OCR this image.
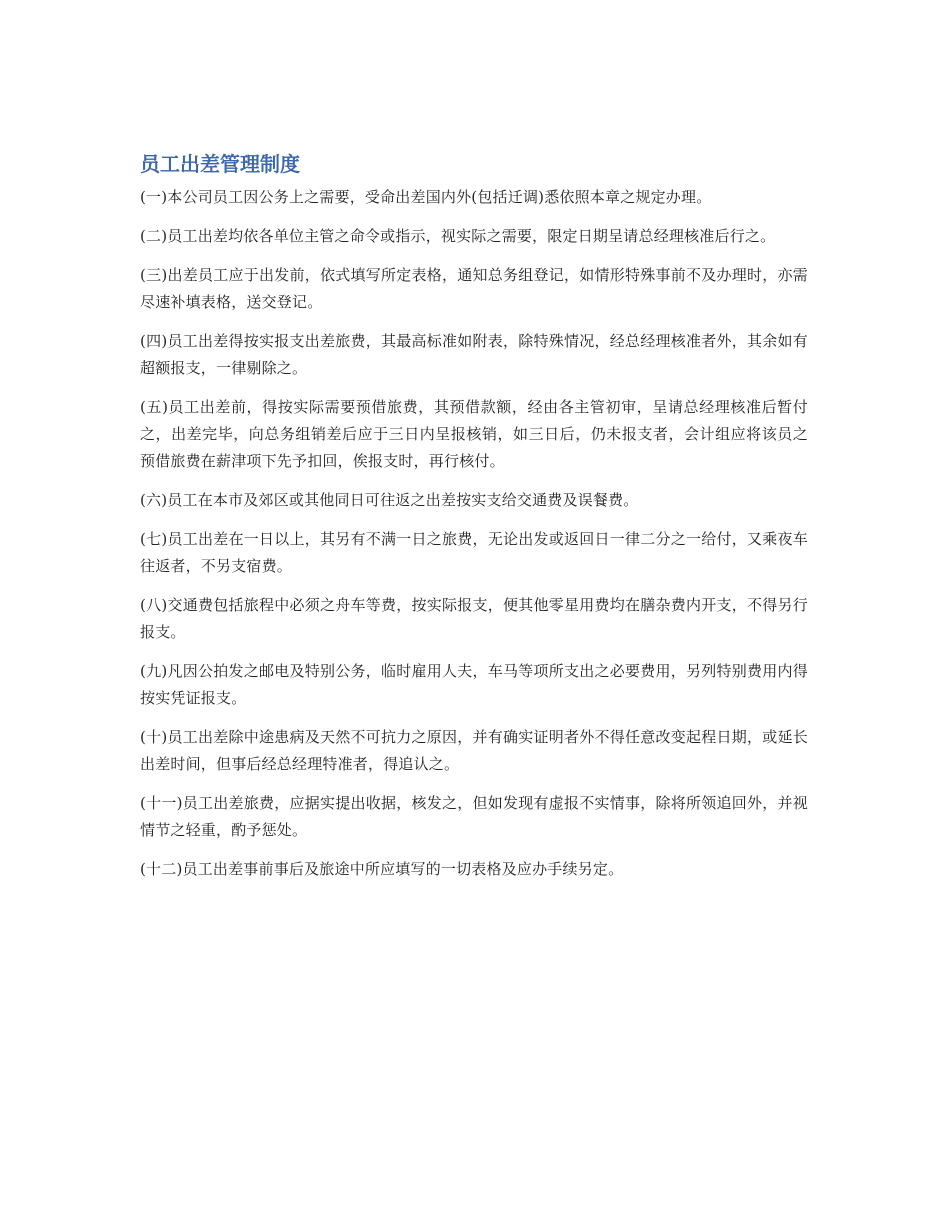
员工出差管理制度

(一)本公司员工因公务上之需要，受命出差国内外(包括迁调)悉依照本章之规定办理。

(二)员工出差均依各单位主管之命令或指示，视实际之需要，限定日期呈请总经理核准后行之。

(三)出差员工应于出发前，依式填写所定表格，通知总务组登记，如情形特殊事前不及办理时，亦需尽速补填表格，送交登记。

(四)员工出差得按实报支出差旅费，其最高标准如附表，除特殊情况，经总经理核准者外，其余如有超额报支，一律剔除之。

(五)员工出差前，得按实际需要预借旅费，其预借款额，经由各主管初审，呈请总经理核准后暂付之，出差完毕，向总务组销差后应于三日内呈报核销，如三日后，仍未报支者，会计组应将该员之预借旅费在薪津项下先予扣回，俟报支时，再行核付。

(六)员工在本市及郊区或其他同日可往返之出差按实支给交通费及误餐费。

(七)员工出差在一日以上，其另有不满一日之旅费，无论出发或返回日一律二分之一给付，又乘夜车往返者，不另支宿费。

(八)交通费包括旅程中必须之舟车等费，按实际报支，便其他零星用费均在膳杂费内开支，不得另行报支。

(九)凡因公拍发之邮电及特别公务，临时雇用人夫，车马等项所支出之必要费用，另列特别费用内得按实凭证报支。

(十)员工出差除中途患病及天然不可抗力之原因，并有确实证明者外不得任意改变起程日期，或延长出差时间，但事后经总经理特准者，得追认之。

(十一)员工出差旅费，应据实提出收据，核发之，但如发现有虚报不实情事，除将所领追回外，并视情节之轻重，酌予惩处。

(十二)员工出差事前事后及旅途中所应填写的一切表格及应办手续另定。
